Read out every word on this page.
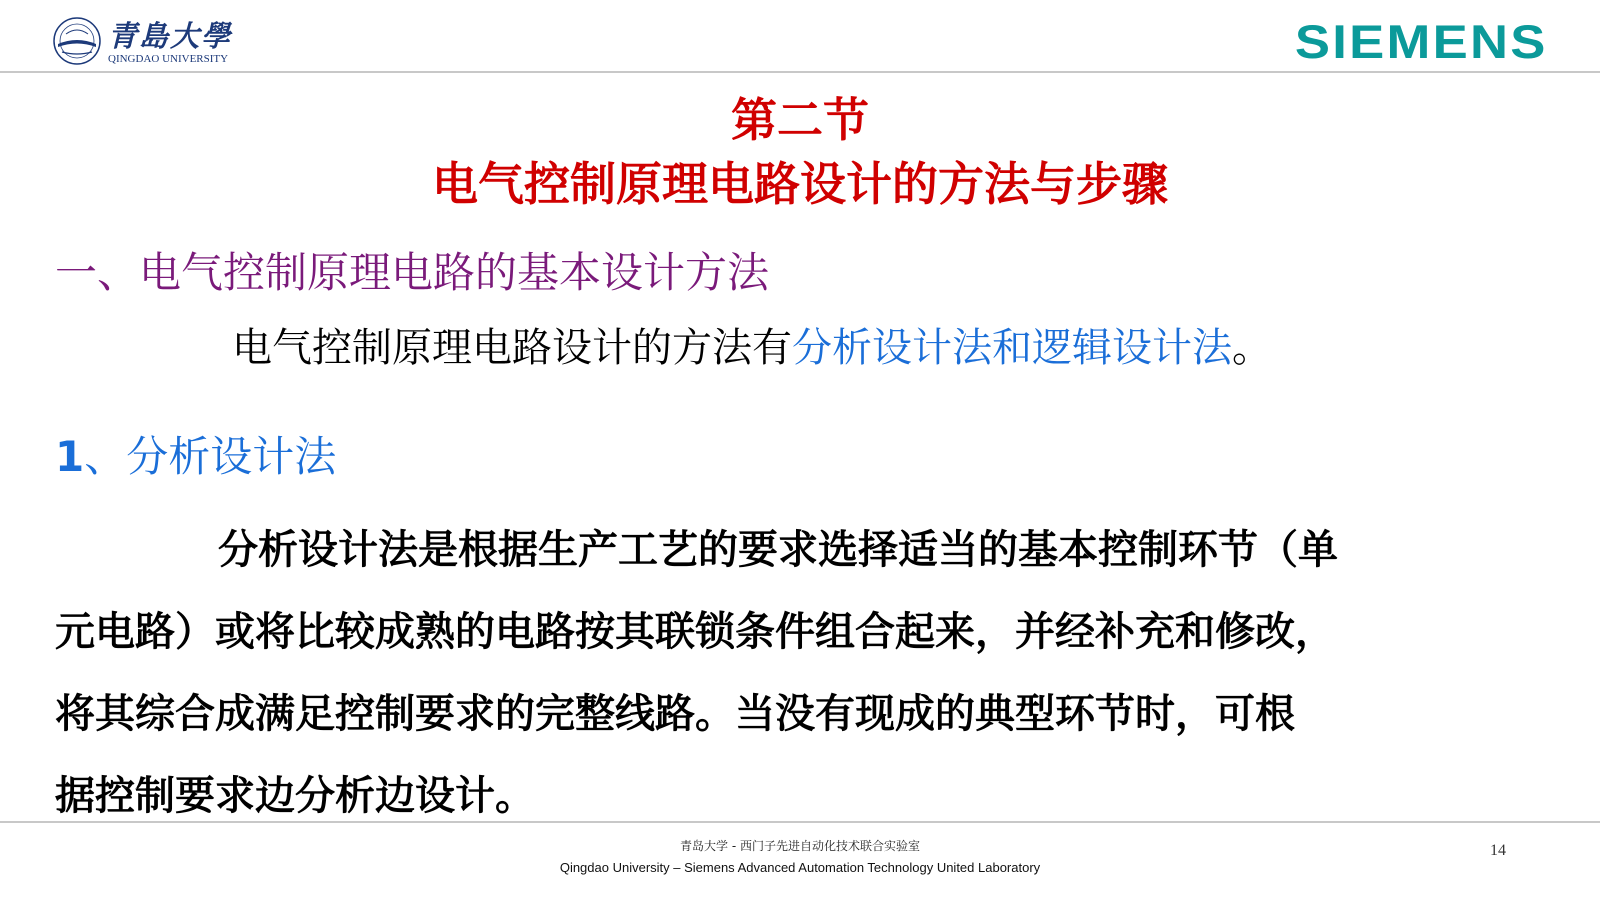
青島大學
QINGDAO UNIVERSITY	SIEMENS
第二节
电气控制原理电路设计的方法与步骤
一、电气控制原理电路的基本设计方法
电气控制原理电路设计的方法有分析设计法和逻辑设计法。
1、分析设计法
分析设计法是根据生产工艺的要求选择适当的基本控制环节（单
元电路）或将比较成熟的电路按其联锁条件组合起来，并经补充和修改，
将其综合成满足控制要求的完整线路。当没有现成的典型环节时，可根
据控制要求边分析边设计。
青岛大学 - 西门子先进自动化技术联合实验室
Qingdao University – Siemens Advanced Automation Technology United Laboratory
14
